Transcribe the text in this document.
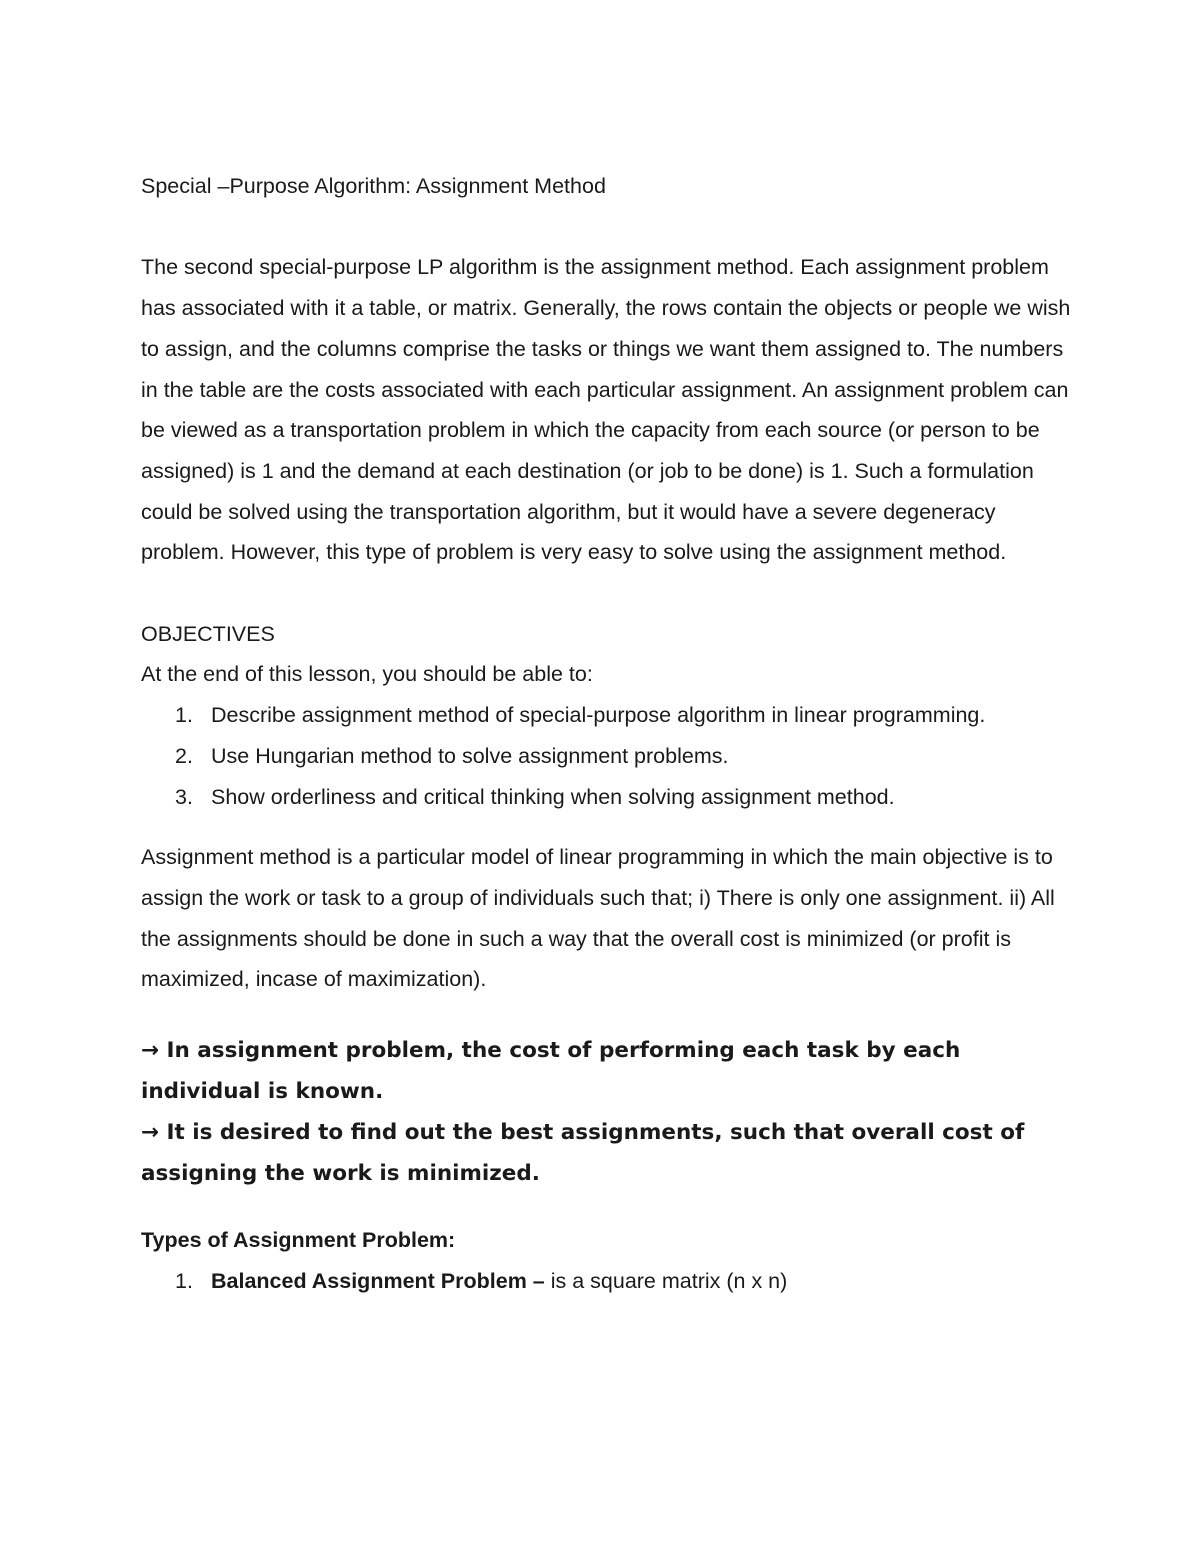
Special –Purpose Algorithm: Assignment Method

The second special-purpose LP algorithm is the assignment method. Each assignment problem has associated with it a table, or matrix. Generally, the rows contain the objects or people we wish to assign, and the columns comprise the tasks or things we want them assigned to. The numbers in the table are the costs associated with each particular assignment. An assignment problem can be viewed as a transportation problem in which the capacity from each source (or person to be assigned) is 1 and the demand at each destination (or job to be done) is 1. Such a formulation could be solved using the transportation algorithm, but it would have a severe degeneracy problem. However, this type of problem is very easy to solve using the assignment method.

OBJECTIVES

At the end of this lesson, you should be able to:

1. Describe assignment method of special-purpose algorithm in linear programming.
2. Use Hungarian method to solve assignment problems.
3. Show orderliness and critical thinking when solving assignment method.

Assignment method is a particular model of linear programming in which the main objective is to assign the work or task to a group of individuals such that; i) There is only one assignment. ii) All the assignments should be done in such a way that the overall cost is minimized (or profit is maximized, incase of maximization).

→ In assignment problem, the cost of performing each task by each individual is known.

→ It is desired to find out the best assignments, such that overall cost of assigning the work is minimized.

Types of Assignment Problem:

1. Balanced Assignment Problem – is a square matrix (n x n)
